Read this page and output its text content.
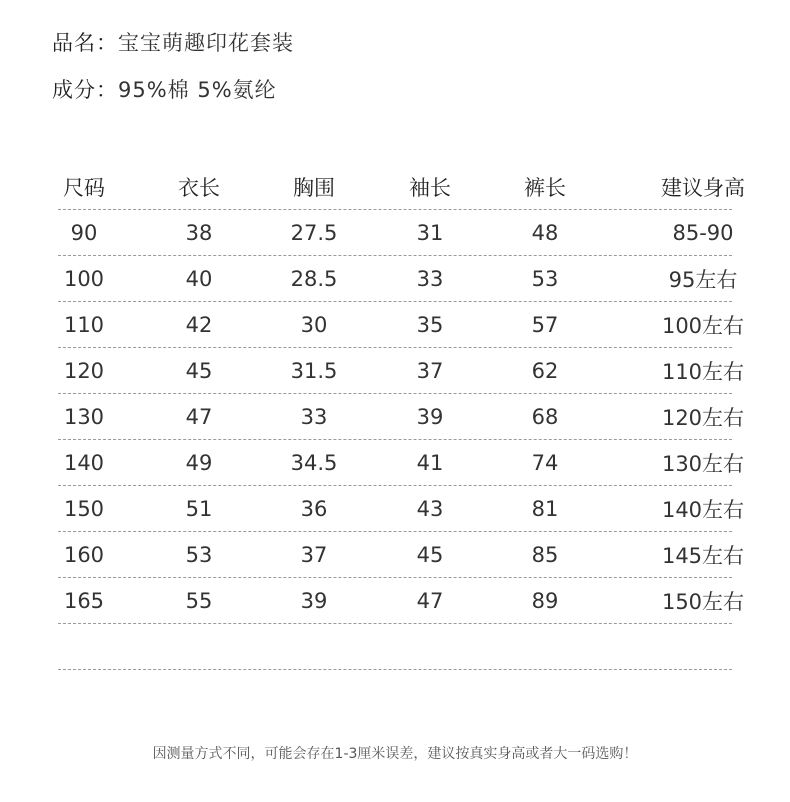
品名：宝宝萌趣印花套装
成分：95%棉 5%氨纶
尺码	衣长	胸围	袖长	裤长	建议身高
90	38	27.5	31	48	85-90
100	40	28.5	33	53	95左右
110	42	30	35	57	100左右
120	45	31.5	37	62	110左右
130	47	33	39	68	120左右
140	49	34.5	41	74	130左右
150	51	36	43	81	140左右
160	53	37	45	85	145左右
165	55	39	47	89	150左右
因测量方式不同，可能会存在1-3厘米误差，建议按真实身高或者大一码选购！
